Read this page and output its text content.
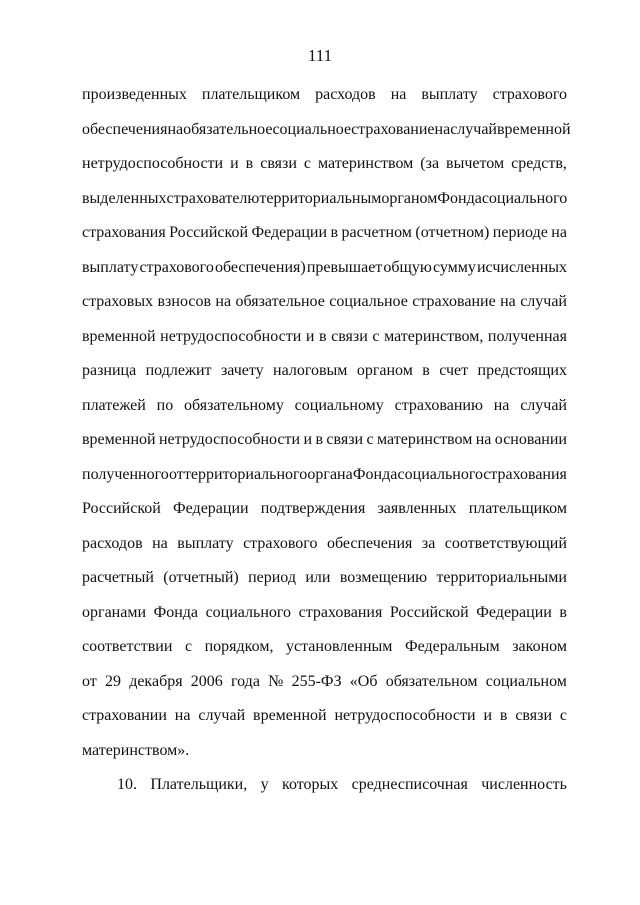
111
произведенных плательщиком расходов на выплату страхового
обеспечения на обязательное социальное страхование на случай временной
нетрудоспособности и в связи с материнством (за вычетом средств,
выделенных страхователю территориальным органом Фонда социального
страхования Российской Федерации в расчетном (отчетном) периоде на
выплату страхового обеспечения) превышает общую сумму исчисленных
страховых взносов на обязательное социальное страхование на случай
временной нетрудоспособности и в связи с материнством, полученная
разница подлежит зачету налоговым органом в счет предстоящих
платежей по обязательному социальному страхованию на случай
временной нетрудоспособности и в связи с материнством на основании
полученного от территориального органа Фонда социального страхования
Российской Федерации подтверждения заявленных плательщиком
расходов на выплату страхового обеспечения за соответствующий
расчетный (отчетный) период или возмещению территориальными
органами Фонда социального страхования Российской Федерации в
соответствии с порядком, установленным Федеральным законом
от 29 декабря 2006 года № 255-ФЗ «Об обязательном социальном
страховании на случай временной нетрудоспособности и в связи с
материнством».
10. Плательщики, у которых среднесписочная численность
